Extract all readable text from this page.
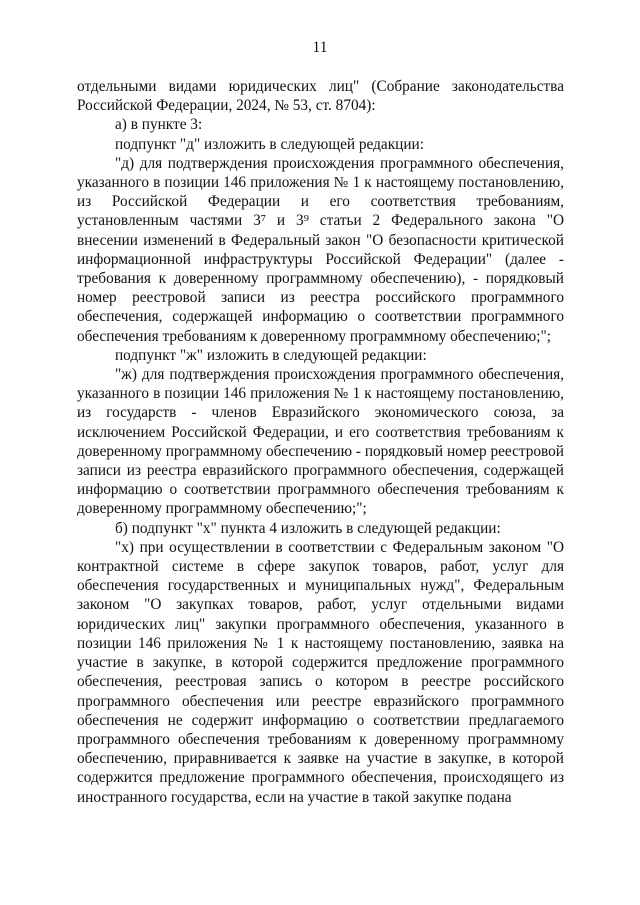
11

отдельными видами юридических лиц" (Собрание законодательства Российской Федерации, 2024, № 53, ст. 8704):

а) в пункте 3:

подпункт "д" изложить в следующей редакции:

"д) для подтверждения происхождения программного обеспечения, указанного в позиции 146 приложения № 1 к настоящему постановлению, из Российской Федерации и его соответствия требованиям, установленным частями 3⁷ и 3⁹ статьи 2 Федерального закона "О внесении изменений в Федеральный закон "О безопасности критической информационной инфраструктуры Российской Федерации" (далее - требования к доверенному программному обеспечению), - порядковый номер реестровой записи из реестра российского программного обеспечения, содержащей информацию о соответствии программного обеспечения требованиям к доверенному программному обеспечению;";

подпункт "ж" изложить в следующей редакции:

"ж) для подтверждения происхождения программного обеспечения, указанного в позиции 146 приложения № 1 к настоящему постановлению, из государств - членов Евразийского экономического союза, за исключением Российской Федерации, и его соответствия требованиям к доверенному программному обеспечению - порядковый номер реестровой записи из реестра евразийского программного обеспечения, содержащей информацию о соответствии программного обеспечения требованиям к доверенному программному обеспечению;";

б) подпункт "х" пункта 4 изложить в следующей редакции:

"х) при осуществлении в соответствии с Федеральным законом "О контрактной системе в сфере закупок товаров, работ, услуг для обеспечения государственных и муниципальных нужд", Федеральным законом "О закупках товаров, работ, услуг отдельными видами юридических лиц" закупки программного обеспечения, указанного в позиции 146 приложения № 1 к настоящему постановлению, заявка на участие в закупке, в которой содержится предложение программного обеспечения, реестровая запись о котором в реестре российского программного обеспечения или реестре евразийского программного обеспечения не содержит информацию о соответствии предлагаемого программного обеспечения требованиям к доверенному программному обеспечению, приравнивается к заявке на участие в закупке, в которой содержится предложение программного обеспечения, происходящего из иностранного государства, если на участие в такой закупке подана
